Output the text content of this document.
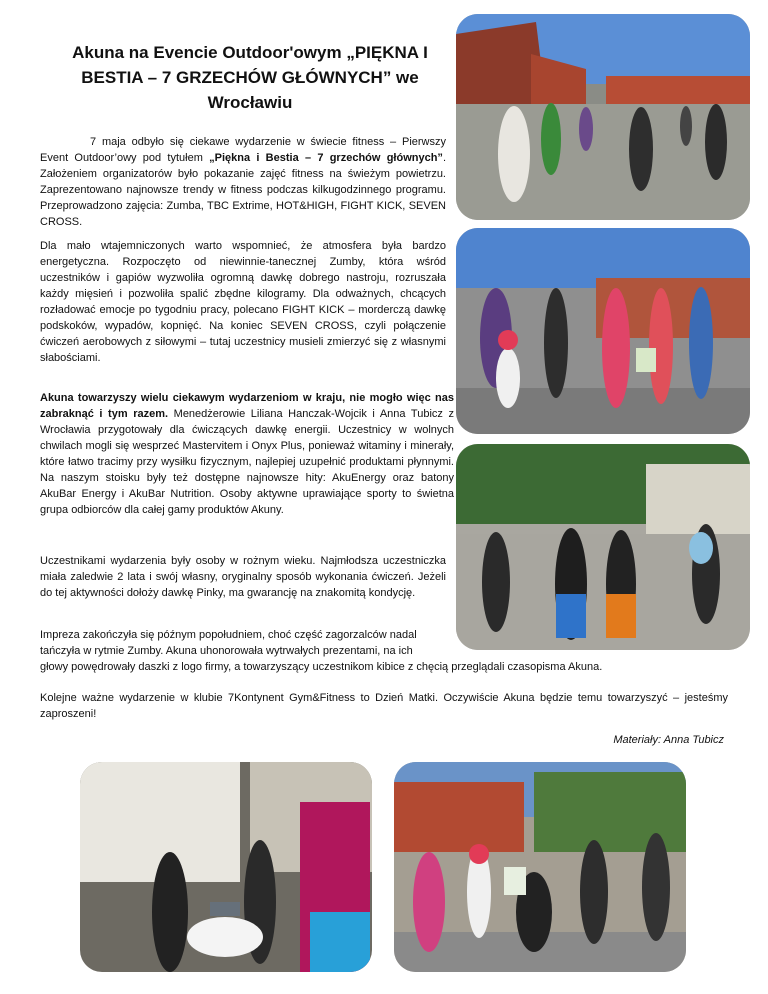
Akuna na Evencie Outdoor'owym „PIĘKNA I BESTIA – 7 GRZECHÓW GŁÓWNYCH” we Wrocławiu
7 maja odbyło się ciekawe wydarzenie w świecie fitness – Pierwszy Event Outdoor’owy pod tytułem „Piękna i Bestia – 7 grzechów głównych”. Założeniem organizatorów było pokazanie zajęć fitness na świeżym powietrzu. Zaprezentowano najnowsze trendy w fitness podczas kilkugodzinnego programu. Przeprowadzono zajęcia: Zumba, TBC Extrime, HOT&HIGH, FIGHT KICK, SEVEN CROSS.
Dla mało wtajemniczonych warto wspomnieć, że atmosfera była bardzo energetyczna. Rozpoczęto od niewinnie-tanecznej Zumby, która wśród uczestników i gapiów wyzwoliła ogromną dawkę dobrego nastroju, rozruszała każdy mięsień i pozwoliła spalić zbędne kilogramy. Dla odważnych, chcących rozładować emocje po tygodniu pracy, polecano FIGHT KICK – morderczą dawkę podskoków, wypadów, kopnięć. Na koniec SEVEN CROSS, czyli połączenie ćwiczeń aerobowych z siłowymi – tutaj uczestnicy musieli zmierzyć się z własnymi słabościami.
Akuna towarzyszy wielu ciekawym wydarzeniom w kraju, nie mogło więc nas zabraknąć i tym razem. Menedżerowie Liliana Hanczak-Wojcik i Anna Tubicz z Wrocławia przygotowały dla ćwiczących dawkę energii. Uczestnicy w wolnych chwilach mogli się wesprzeć Mastervitem i Onyx Plus, ponieważ witaminy i minerały, które łatwo tracimy przy wysiłku fizycznym, najlepiej uzupełnić produktami płynnymi. Na naszym stoisku były też dostępne najnowsze hity: AkuEnergy oraz batony AkuBar Energy i AkuBar Nutrition. Osoby aktywne uprawiające sporty to świetna grupa odbiorców dla całej gamy produktów Akuny.
Uczestnikami wydarzenia były osoby w rożnym wieku. Najmłodsza uczestniczka miała zaledwie 2 lata i swój własny, oryginalny sposób wykonania ćwiczeń. Jeżeli do tej aktywności dołoży dawkę Pinky, ma gwarancję na znakomitą kondycję.
Impreza zakończyła się późnym popołudniem, choć część zagorzalców nadal tańczyła w rytmie Zumby. Akuna uhonorowała wytrwałych prezentami, na ich
głowy powędrowały daszki z logo firmy, a towarzyszący uczestnikom kibice z chęcią przeglądali czasopisma Akuna.
Kolejne ważne wydarzenie w klubie 7Kontynent Gym&Fitness to Dzień Matki. Oczywiście Akuna będzie temu towarzyszyć – jesteśmy zaproszeni!
Materiały: Anna Tubicz
